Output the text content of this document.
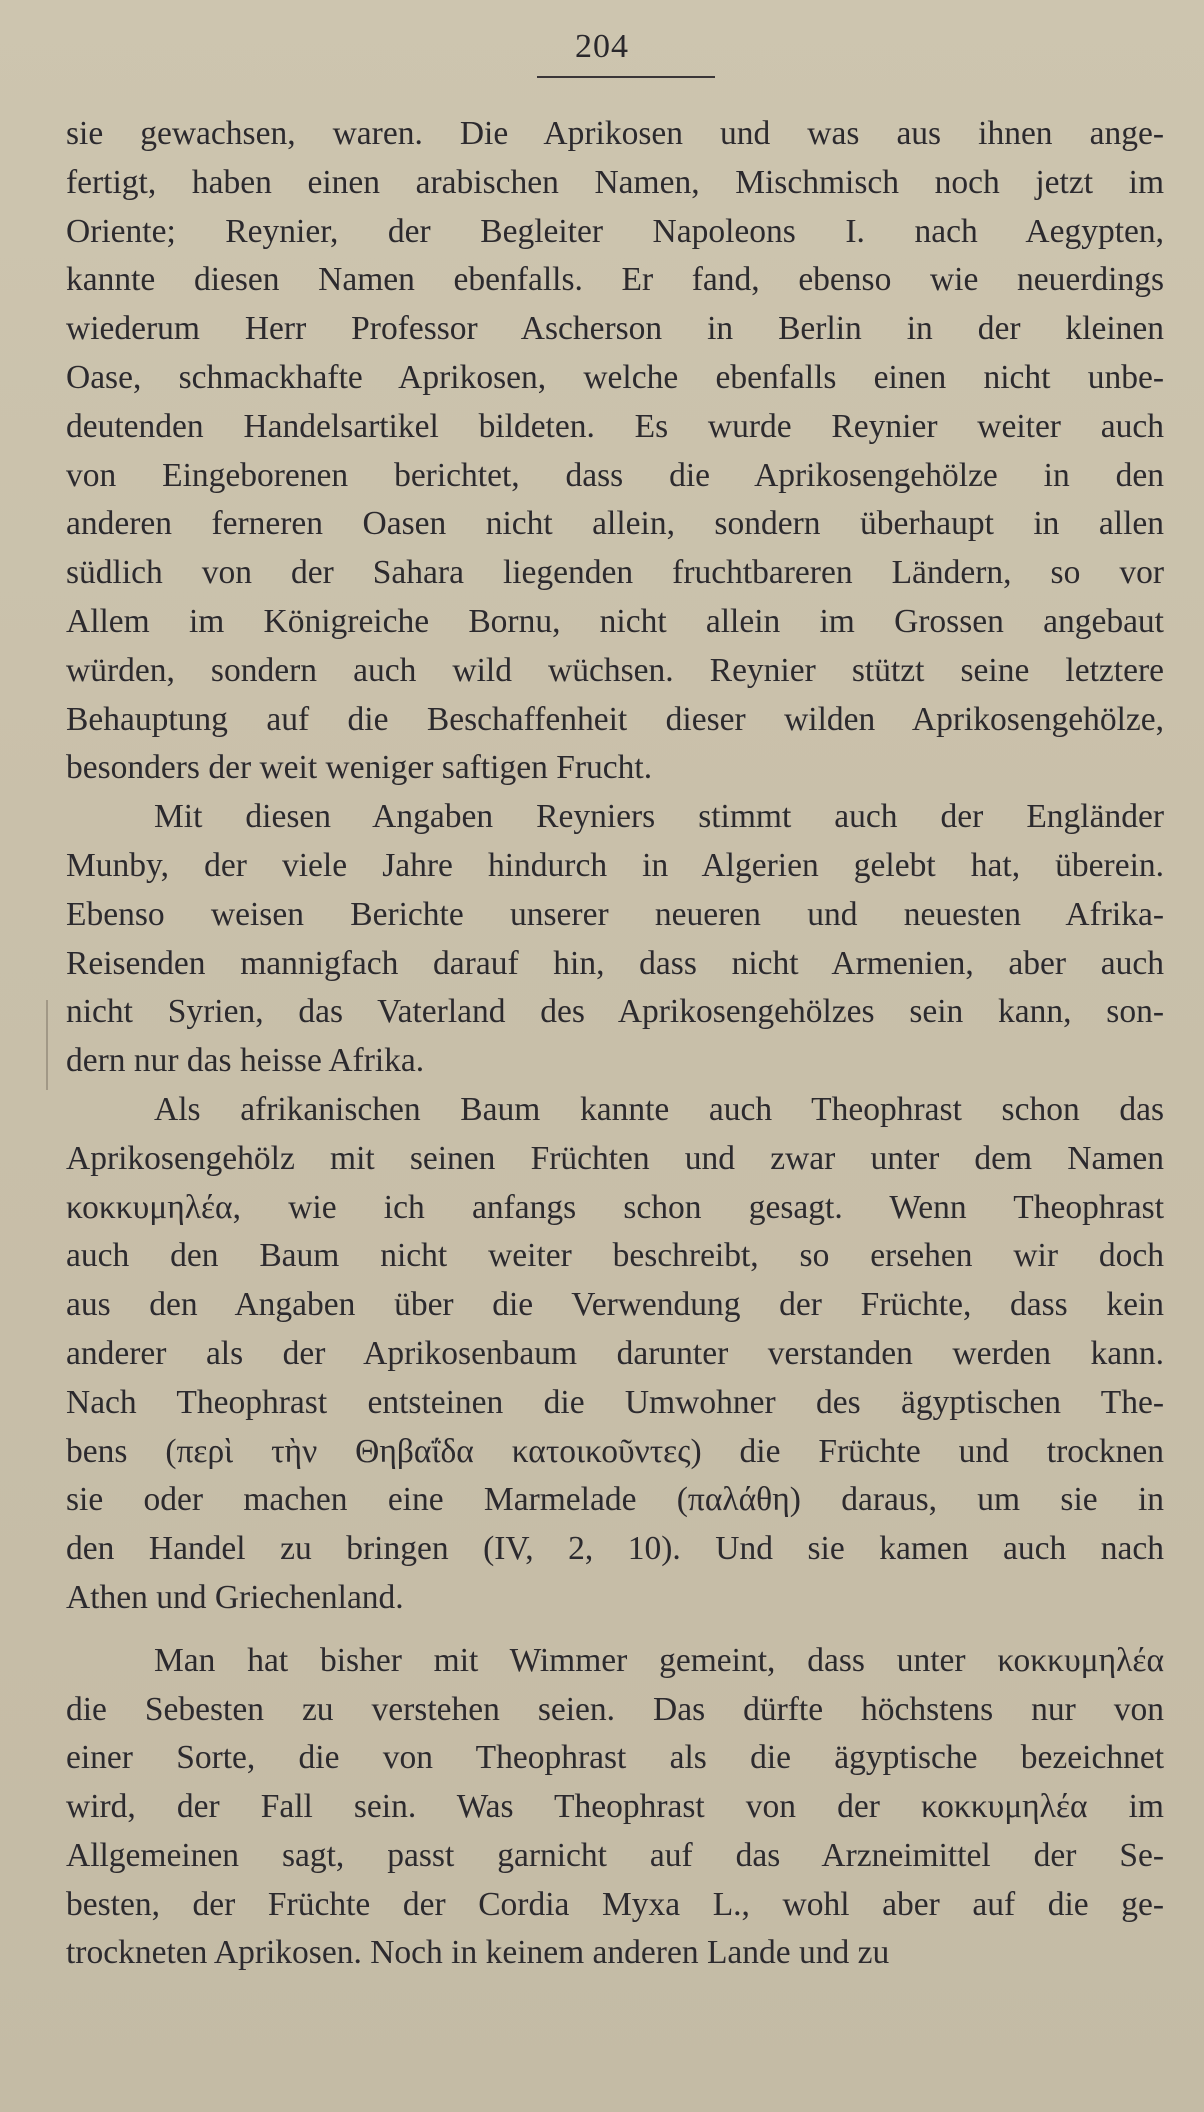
204
sie gewachsen, waren. Die Aprikosen und was aus ihnen ange-
fertigt, haben einen arabischen Namen, Mischmisch noch jetzt im
Oriente; Reynier, der Begleiter Napoleons I. nach Aegypten,
kannte diesen Namen ebenfalls. Er fand, ebenso wie neuerdings
wiederum Herr Professor Ascherson in Berlin in der kleinen
Oase, schmackhafte Aprikosen, welche ebenfalls einen nicht unbe-
deutenden Handelsartikel bildeten. Es wurde Reynier weiter auch
von Eingeborenen berichtet, dass die Aprikosengehölze in den
anderen ferneren Oasen nicht allein, sondern überhaupt in allen
südlich von der Sahara liegenden fruchtbareren Ländern, so vor
Allem im Königreiche Bornu, nicht allein im Grossen angebaut
würden, sondern auch wild wüchsen. Reynier stützt seine letztere
Behauptung auf die Beschaffenheit dieser wilden Aprikosengehölze,
besonders der weit weniger saftigen Frucht.
Mit diesen Angaben Reyniers stimmt auch der Engländer
Munby, der viele Jahre hindurch in Algerien gelebt hat, überein.
Ebenso weisen Berichte unserer neueren und neuesten Afrika-
Reisenden mannigfach darauf hin, dass nicht Armenien, aber auch
nicht Syrien, das Vaterland des Aprikosengehölzes sein kann, son-
dern nur das heisse Afrika.
Als afrikanischen Baum kannte auch Theophrast schon das
Aprikosengehölz mit seinen Früchten und zwar unter dem Namen
κοκκυμηλέα, wie ich anfangs schon gesagt. Wenn Theophrast
auch den Baum nicht weiter beschreibt, so ersehen wir doch
aus den Angaben über die Verwendung der Früchte, dass kein
anderer als der Aprikosenbaum darunter verstanden werden kann.
Nach Theophrast entsteinen die Umwohner des ägyptischen The-
bens (περὶ τὴν Θηβαΐδα κατοικοῦντες) die Früchte und trocknen
sie oder machen eine Marmelade (παλάθη) daraus, um sie in
den Handel zu bringen (IV, 2, 10). Und sie kamen auch nach
Athen und Griechenland.
Man hat bisher mit Wimmer gemeint, dass unter κοκκυμηλέα
die Sebesten zu verstehen seien. Das dürfte höchstens nur von
einer Sorte, die von Theophrast als die ägyptische bezeichnet
wird, der Fall sein. Was Theophrast von der κοκκυμηλέα im
Allgemeinen sagt, passt garnicht auf das Arzneimittel der Se-
besten, der Früchte der Cordia Myxa L., wohl aber auf die ge-
trockneten Aprikosen. Noch in keinem anderen Lande und zu
